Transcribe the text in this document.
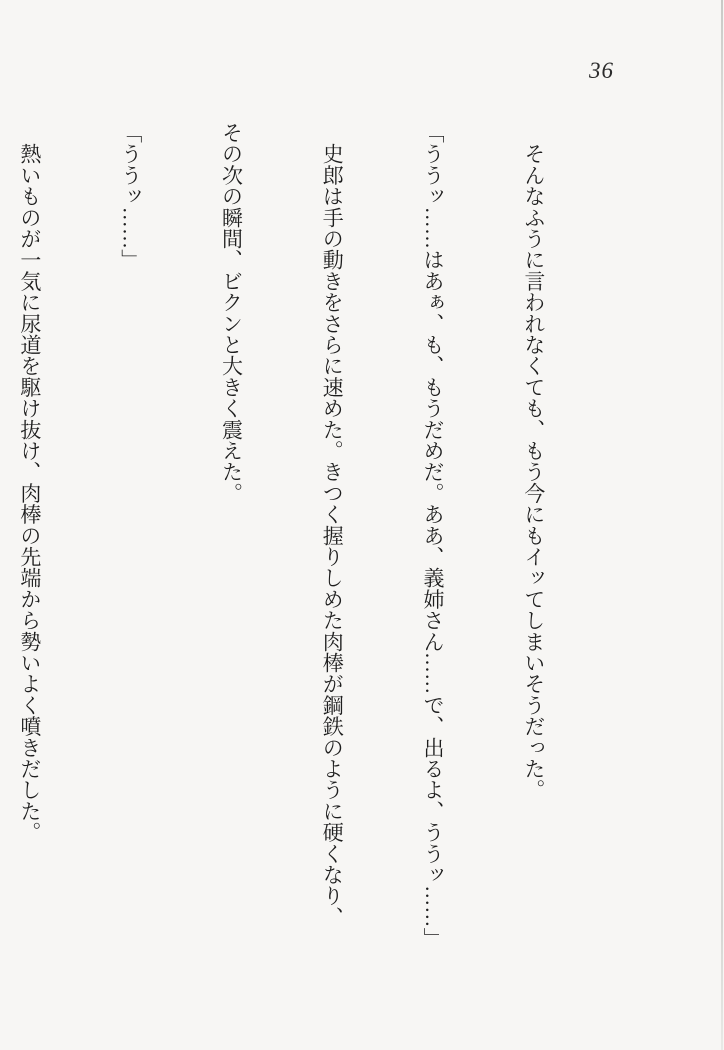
36

　そんなふうに言われなくても、もう今にもイッてしまいそうだった。

「ううッ……はあぁ、も、もうだめだ。ああ、義姉さん……で、出るよ、ううッ……」

　史郎は手の動きをさらに速めた。きつく握りしめた肉棒が鋼鉄のように硬くなり、

その次の瞬間、ビクンと大きく震えた。

「ううッ……」

　熱いものが一気に尿道を駆け抜け、肉棒の先端から勢いよく噴きだした。
